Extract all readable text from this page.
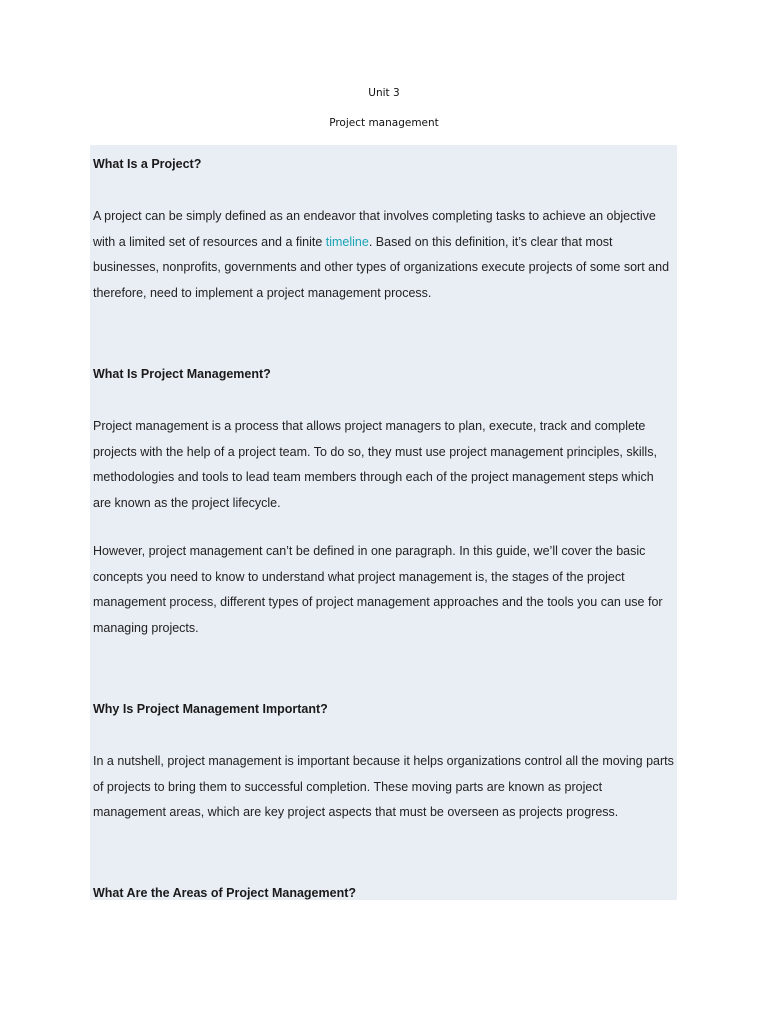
Unit 3
Project management
What Is a Project?
A project can be simply defined as an endeavor that involves completing tasks to achieve an objective with a limited set of resources and a finite timeline. Based on this definition, it’s clear that most businesses, nonprofits, governments and other types of organizations execute projects of some sort and therefore, need to implement a project management process.
What Is Project Management?
Project management is a process that allows project managers to plan, execute, track and complete projects with the help of a project team. To do so, they must use project management principles, skills, methodologies and tools to lead team members through each of the project management steps which are known as the project lifecycle.
However, project management can’t be defined in one paragraph. In this guide, we’ll cover the basic concepts you need to know to understand what project management is, the stages of the project management process, different types of project management approaches and the tools you can use for managing projects.
Why Is Project Management Important?
In a nutshell, project management is important because it helps organizations control all the moving parts of projects to bring them to successful completion. These moving parts are known as project management areas, which are key project aspects that must be overseen as projects progress.
What Are the Areas of Project Management?
